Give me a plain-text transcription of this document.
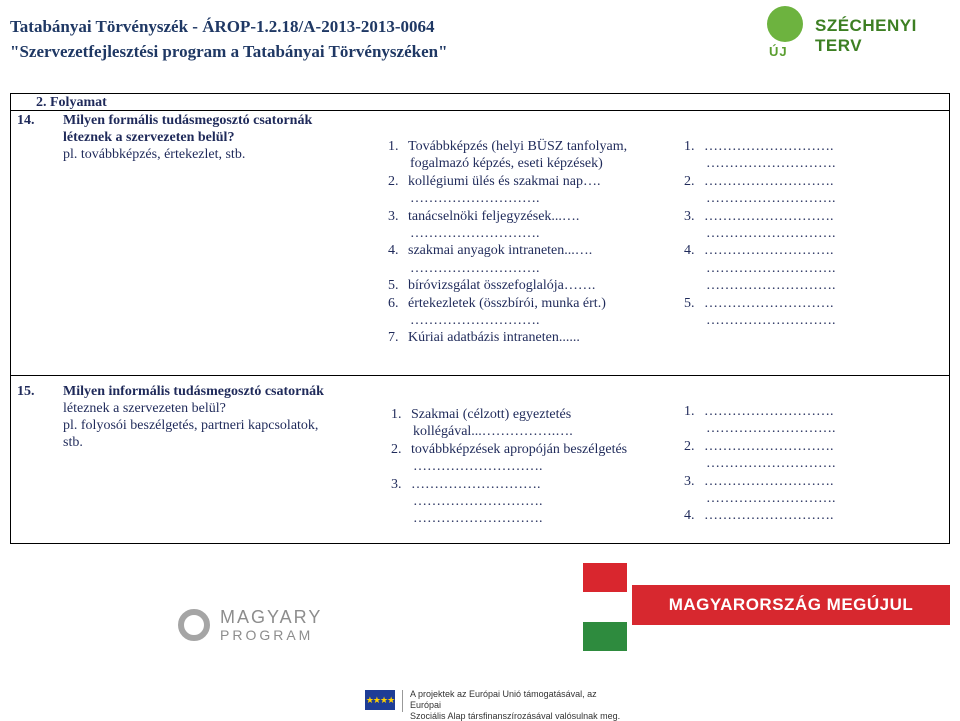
Tatabányai Törvényszék - ÁROP-1.2.18/A-2013-2013-0064
"Szervezetfejlesztési program a Tatabányai Törvényszéken"	ÚJ
SZÉCHENYI TERV
2. Folyamat
14. Milyen formális tudásmegosztó csatornák
léteznek a szervezeten belül?
pl. továbbképzés, értekezlet, stb.
1. Továbbképzés (helyi BÜSZ tanfolyam,
fogalmazó képzés, eseti képzések)
2. kollégiumi ülés és szakmai nap….
……………………….
3. tanácselnöki feljegyzések...….
……………………….
4. szakmai anyagok intraneten...….
……………………….
5. bíróvizsgálat összefoglalója…….
6. értekezletek (összbírói, munka ért.)
……………………….
7. Kúriai adatbázis intraneten......
1. ……………………….
……………………….
2. ……………………….
……………………….
3. ……………………….
……………………….
4. ……………………….
……………………….
……………………….
5. ……………………….
……………………….
15. Milyen informális tudásmegosztó csatornák
léteznek a szervezeten belül?
pl. folyosói beszélgetés, partneri kapcsolatok,
stb.
1. Szakmai (célzott) egyeztetés
kollégával...…………….….
2. továbbképzések apropóján beszélgetés
……………………….
3. ……………………….
……………………….
……………………….
1. ……………………….
……………………….
2. ……………………….
……………………….
3. ……………………….
……………………….
4. ……………………….
MAGYARY
PROGRAM
MAGYARORSZÁG MEGÚJUL
★★★★
A projektek az Európai Unió támogatásával, az Európai
Szociális Alap társfinanszírozásával valósulnak meg.
